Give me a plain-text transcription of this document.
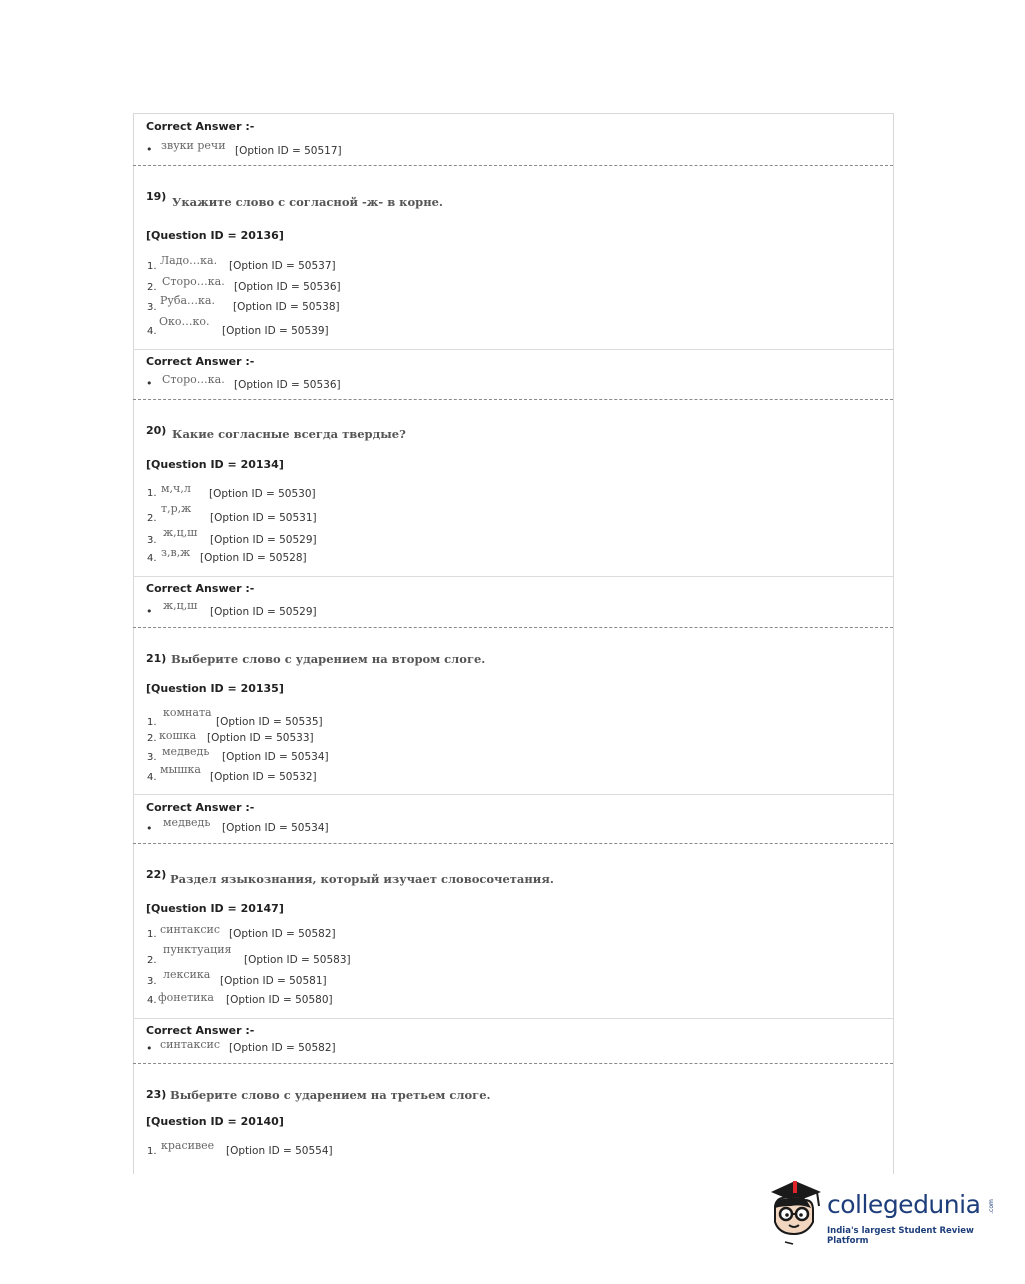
Correct Answer :-
• звуки речи [Option ID = 50517]
19) Укажите слово с согласной -ж- в корне.
[Question ID = 20136]
1. Ладо…ка. [Option ID = 50537]
2. Сторо…ка. [Option ID = 50536]
3.
Руба…ка. [Option ID = 50538]
4.
Око…ко.
[Option ID = 50539]
Correct Answer :-
• Сторо…ка. [Option ID = 50536]
20) Какие согласные всегда твердые?
[Question ID = 20134]
1. м,ч,л [Option ID = 50530]
2.
т,р,ж
[Option ID = 50531]
3.
ж,ц,ш
[Option ID = 50529]
4. з,в,ж [Option ID = 50528]
Correct Answer :-
• ж,ц,ш [Option ID = 50529]
21) Выберите слово с ударением на втором слоге.
[Question ID = 20135]
1.
комната
[Option ID = 50535]
2. кошка [Option ID = 50533]
3. медведь [Option ID = 50534]
4.
мышка
[Option ID = 50532]
Correct Answer :-
• медведь [Option ID = 50534]
22) Раздел языкознания, который изучает словосочетания.
[Question ID = 20147]
1. синтаксис [Option ID = 50582]
2.
пунктуация
[Option ID = 50583]
3.
лексика [Option ID = 50581]
4. фонетика [Option ID = 50580]
Correct Answer :-
• синтаксис [Option ID = 50582]
23) Выберите слово с ударением на третьем слоге.
[Question ID = 20140]
1. красивее [Option ID = 50554]
collegedunia .com
India's largest Student Review Platform
